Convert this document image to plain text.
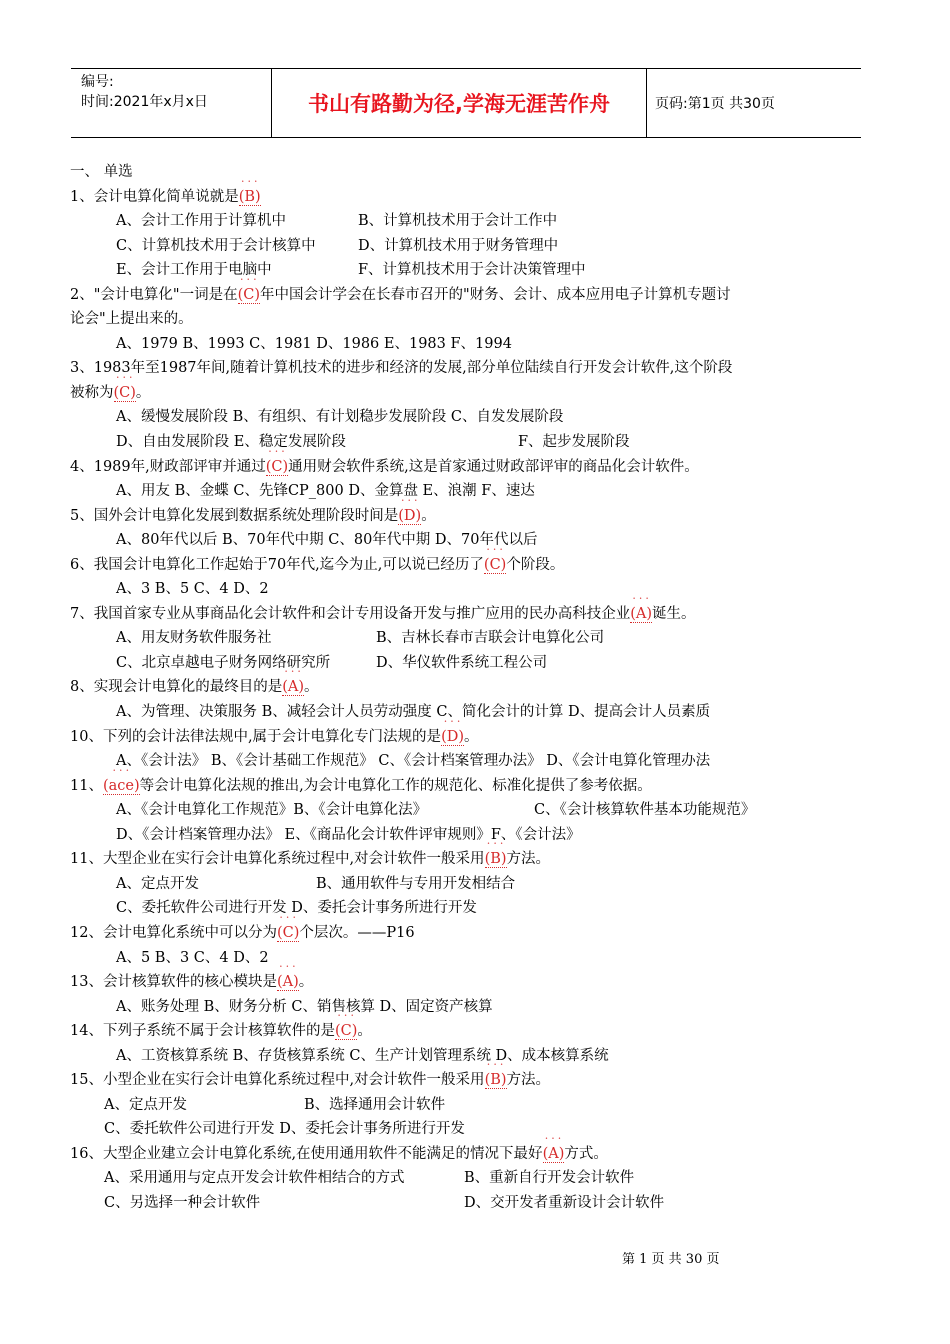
编号:
时间:2021年x月x日	书山有路勤为径,学海无涯苦作舟	页码:第1页 共30页
一、 单选
1、会计电算化简单说就是• • • (B)
A、会计工作用于计算机中	B、计算机技术用于会计工作中
C、计算机技术用于会计核算中	D、计算机技术用于财务管理中
E、会计工作用于电脑中	F、计算机技术用于会计决策管理中
2、"会计电算化"一词是在• • • (C)年中国会计学会在长春市召开的"财务、会计、成本应用电子计算机专题讨
论会"上提出来的。
A、1979 B、1993 C、1981 D、1986 E、1983 F、1994
3、1983年至1987年间,随着计算机技术的进步和经济的发展,部分单位陆续自行开发会计软件,这个阶段
被称为• • • (C)。
A、缓慢发展阶段 B、有组织、有计划稳步发展阶段 C、自发发展阶段
D、自由发展阶段 E、稳定发展阶段	F、起步发展阶段
4、1989年,财政部评审并通过• • • (C)通用财会软件系统,这是首家通过财政部评审的商品化会计软件。
A、用友 B、金蝶 C、先锋CP_800 D、金算盘 E、浪潮 F、速达
5、国外会计电算化发展到数据系统处理阶段时间是• • • (D)。
A、80年代以后 B、70年代中期 C、80年代中期 D、70年代以后
6、我国会计电算化工作起始于70年代,迄今为止,可以说已经历了• • • (C)个阶段。
A、3 B、5 C、4 D、2
7、我国首家专业从事商品化会计软件和会计专用设备开发与推广应用的民办高科技企业• • • (A)诞生。
A、用友财务软件服务社	B、吉林长春市吉联会计电算化公司
C、北京卓越电子财务网络研究所	D、华仪软件系统工程公司
8、实现会计电算化的最终目的是• • • (A)。
A、为管理、决策服务 B、减轻会计人员劳动强度 C、简化会计的计算 D、提高会计人员素质
10、下列的会计法律法规中,属于会计电算化专门法规的是• • • (D)。
A、《会计法》 B、《会计基础工作规范》 C、《会计档案管理办法》 D、《会计电算化管理办法
11、• • • (ace)等会计电算化法规的推出,为会计电算化工作的规范化、标准化提供了参考依据。
A、《会计电算化工作规范》B、《会计电算化法》	C、《会计核算软件基本功能规范》
D、《会计档案管理办法》 E、《商品化会计软件评审规则》F、《会计法》
11、大型企业在实行会计电算化系统过程中,对会计软件一般采用• • • (B)方法。
A、定点开发	B、通用软件与专用开发相结合
C、委托软件公司进行开发 D、委托会计事务所进行开发
12、会计电算化系统中可以分为• • • (C)个层次。——P16
A、5 B、3 C、4 D、2
13、会计核算软件的核心模块是• • • (A)。
A、账务处理 B、财务分析 C、销售核算 D、固定资产核算
14、下列子系统不属于会计核算软件的是• • • (C)。
A、工资核算系统 B、存货核算系统 C、生产计划管理系统 D、成本核算系统
15、小型企业在实行会计电算化系统过程中,对会计软件一般采用• • • (B)方法。
A、定点开发	B、选择通用会计软件
C、委托软件公司进行开发 D、委托会计事务所进行开发
16、大型企业建立会计电算化系统,在使用通用软件不能满足的情况下最好• • • (A)方式。
A、采用通用与定点开发会计软件相结合的方式	B、重新自行开发会计软件
C、另选择一种会计软件	D、交开发者重新设计会计软件
第 1 页 共 30 页
